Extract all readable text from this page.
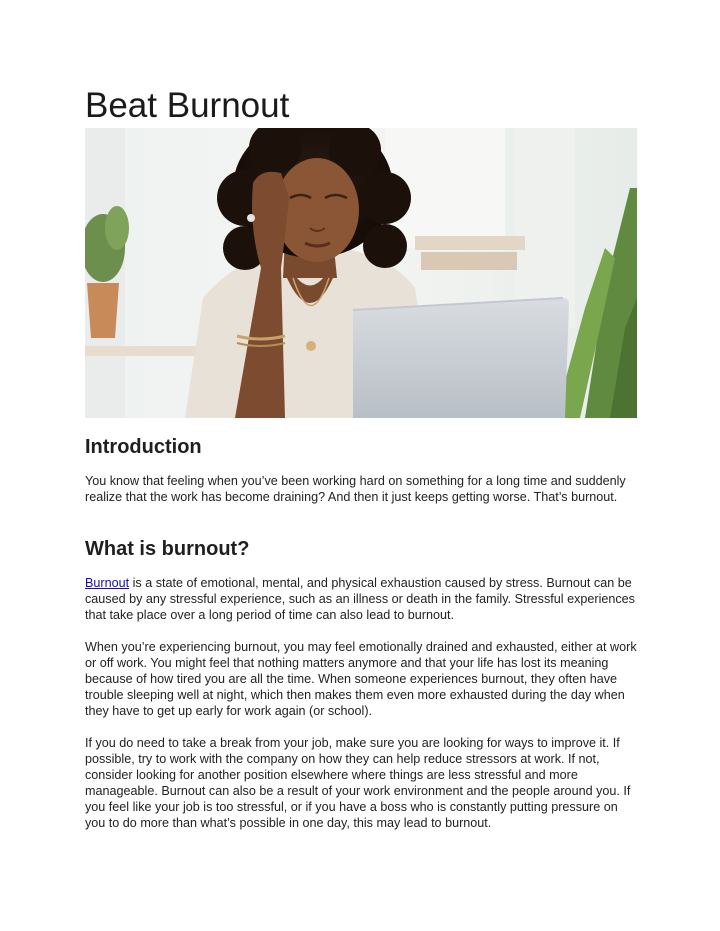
Beat Burnout
Introduction

You know that feeling when you’ve been working hard on something for a long time and suddenly realize that the work has become draining? And then it just keeps getting worse. That’s burnout.

What is burnout?

Burnout is a state of emotional, mental, and physical exhaustion caused by stress. Burnout can be caused by any stressful experience, such as an illness or death in the family. Stressful experiences that take place over a long period of time can also lead to burnout.

When you’re experiencing burnout, you may feel emotionally drained and exhausted, either at work or off work. You might feel that nothing matters anymore and that your life has lost its meaning because of how tired you are all the time. When someone experiences burnout, they often have trouble sleeping well at night, which then makes them even more exhausted during the day when they have to get up early for work again (or school).

If you do need to take a break from your job, make sure you are looking for ways to improve it. If possible, try to work with the company on how they can help reduce stressors at work. If not, consider looking for another position elsewhere where things are less stressful and more manageable. Burnout can also be a result of your work environment and the people around you. If you feel like your job is too stressful, or if you have a boss who is constantly putting pressure on you to do more than what’s possible in one day, this may lead to burnout.
